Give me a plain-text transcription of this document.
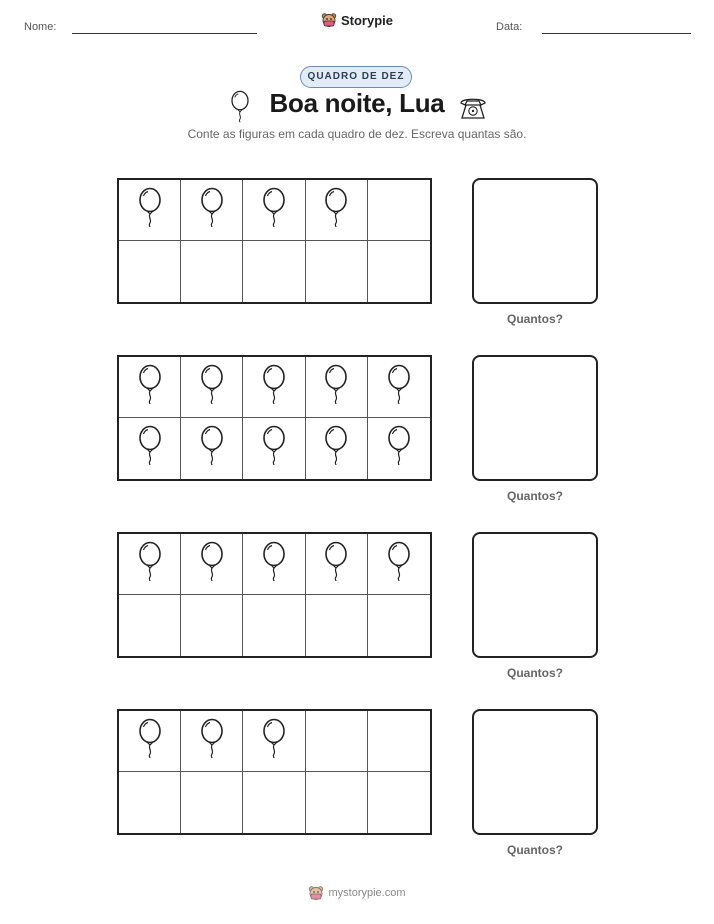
Nome:	Storypie	Data:
QUADRO DE DEZ
Boa noite, Lua
Conte as figuras em cada quadro de dez. Escreva quantas são.
Quantos?
Quantos?
Quantos?
Quantos?
mystorypie.com
